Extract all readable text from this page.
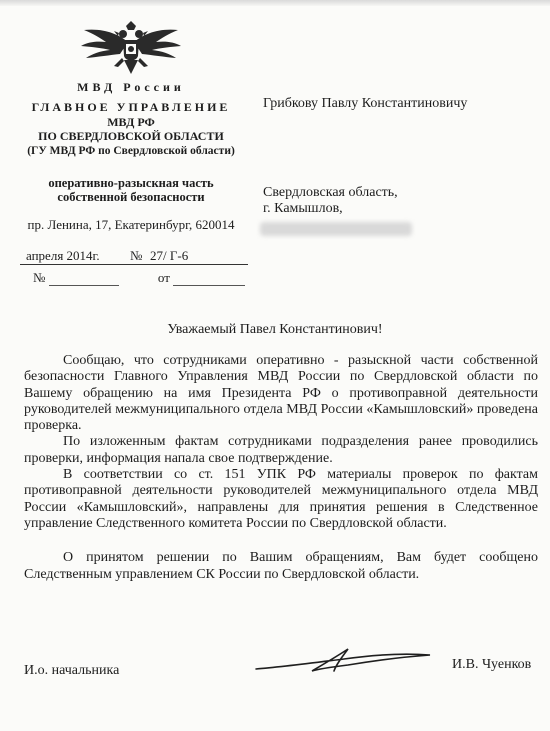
МВД России
ГЛАВНОЕ УПРАВЛЕНИЕ
МВД РФ
ПО СВЕРДЛОВСКОЙ ОБЛАСТИ
(ГУ МВД РФ по Свердловской области)
оперативно-разыскная часть
собственной безопасности
пр. Ленина, 17, Екатеринбург, 620014
апреля 2014г. № 27/ Г-6
№	от
Грибкову Павлу Константиновичу
Свердловская область,
г. Камышлов,
Уважаемый Павел Константинович!

Сообщаю, что сотрудниками оперативно - разыскной части собственной безопасности Главного Управления МВД России по Свердловской области по Вашему обращению на имя Президента РФ о противоправной деятельности руководителей межмуниципального отдела МВД России «Камышловский» проведена проверка.

По изложенным фактам сотрудниками подразделения ранее проводились проверки, информация напала свое подтверждение.

В соответствии со ст. 151 УПК РФ материалы проверок по фактам противоправной деятельности руководителей межмуниципального отдела МВД России «Камышловский», направлены для принятия решения в Следственное управление Следственного комитета России по Свердловской области.

О принятом решении по Вашим обращениям, Вам будет сообщено Следственным управлением СК России по Свердловской области.

И.о. начальника	И.В. Чуенков
